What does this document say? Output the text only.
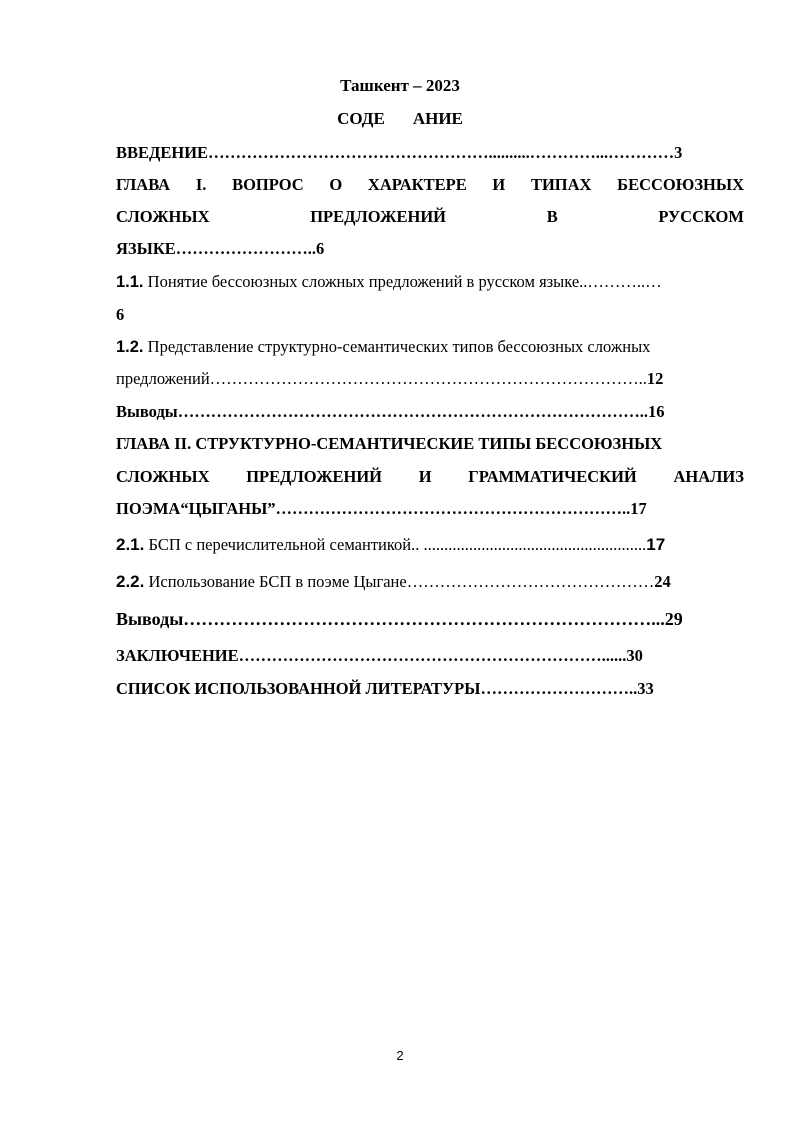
Ташкент – 2023
СОДЕ АНИЕ
ВВЕДЕНИЕ……………………………………………..........…………...…………3
ГЛАВА I. ВОПРОС О ХАРАКТЕРЕ И ТИПАХ БЕССОЮЗНЫХ
СЛОЖНЫХ	ПРЕДЛОЖЕНИЙ	В	РУССКОМ
ЯЗЫКЕ……………………..6
1.1. Понятие бессоюзных сложных предложений в русском языке..………..…
6
1.2. Представление структурно-семантических типов бессоюзных сложных
предложений……………………………………………………………………..12
Выводы…………………………………………………………………………..16
ГЛАВА II. СТРУКТУРНО-СЕМАНТИЧЕСКИЕ ТИПЫ БЕССОЮЗНЫХ
СЛОЖНЫХ ПРЕДЛОЖЕНИЙ И ГРАММАТИЧЕСКИЙ АНАЛИЗ
ПОЭМА“ЦЫГАНЫ”………………………………………………………..17
2.1. БСП с перечислительной семантикой.. ......................................................17
2.2. Использование БСП в поэме Цыгане………………………………………24
Выводы……………………………………………………………………...29
ЗАКЛЮЧЕНИЕ…………………………………………………………......30
СПИСОК ИСПОЛЬЗОВАННОЙ ЛИТЕРАТУРЫ………………………..33
2
